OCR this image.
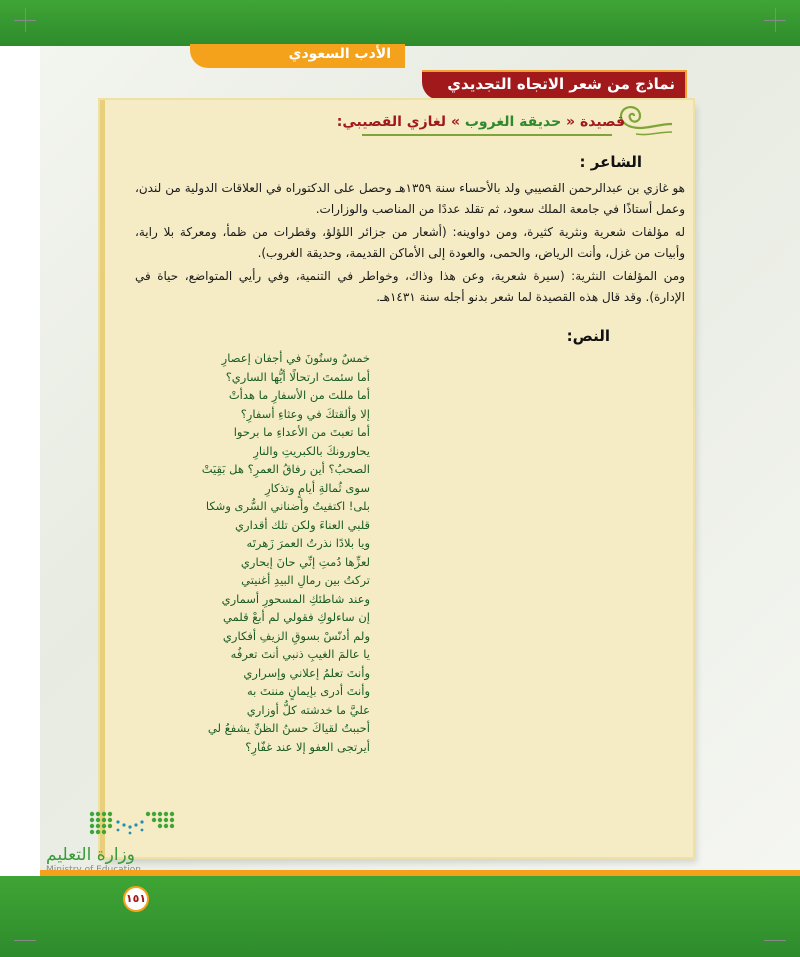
الأدب السعودي
نماذج من شعر الاتجاه التجديدي
قصيدة « حديقة الغروب » لغازي القصيبي:
الشاعر :
هو غازي بن عبدالرحمن القصيبي ولد بالأحساء سنة ١٣٥٩هـ وحصل على الدكتوراه في العلاقات الدولية من لندن، وعمل أستاذًا في جامعة الملك سعود، ثم تقلد عددًا من المناصب والوزارات.
له مؤلفات شعرية ونثرية كثيرة، ومن دواوينه: (أشعار من جزائر اللؤلؤ، وقطرات من ظمأ، ومعركة بلا راية، وأبيات من غزل، وأنت الرياض، والحمى، والعودة إلى الأماكن القديمة، وحديقة الغروب).
ومن المؤلفات النثرية: (سيرة شعرية، وعن هذا وذاك، وخواطر في التنمية، وفي رأيي المتواضع، حياة في الإدارة). وقد قال هذه القصيدة لما شعر بدنو أجله سنة ١٤٣١هـ.
النص:
خمسٌ وستُونَ في أجفان إعصارِ
أما سئمتَ ارتحالًا أيُّها الساري؟
أما مللتَ من الأسفارِ ما هدأتْ
إلا وألقتكَ في وعثاءِ أسفارِ؟
أما تعبتَ من الأعداءِ ما برحوا
يحاورونكَ بالكبريتِ والنارِ
الصحبُ؟ أين رفاقُ العمرِ؟ هل بَقِيَتْ
سوى ثُمالةِ أيامٍ وتذكارِ
بلى! اكتفيتُ وأضناني السُّرى وشكا
قلبي العناءَ ولكن تلك أقداري
ويا بلادًا نذرتُ العمرَ زَهرتَه
لعزِّها دُمتِ إنِّي حانَ إبحاري
تركتُ بين رمالِ البيدِ أغنيتي
وعند شاطئكِ المسحورِ أسماري
إن ساءلوكِ فقولي لم أبعْ قلمي
ولم أدنّسْ بسوقِ الزيفِ أفكاري
يا عالمَ الغيبِ ذنبي أنتَ تعرفُه
وأنتَ تعلمُ إعلاني وإسراري
وأنتَ أدرى بإيمانٍ مننتَ به
عليَّ ما خدشته كلُّ أوزاري
أحببتُ لقياكَ حسنُ الظنِّ يشفعُ لي
أيرتجى العفو إلا عند غفّارِ؟
وزارة التعليم
١٥١
